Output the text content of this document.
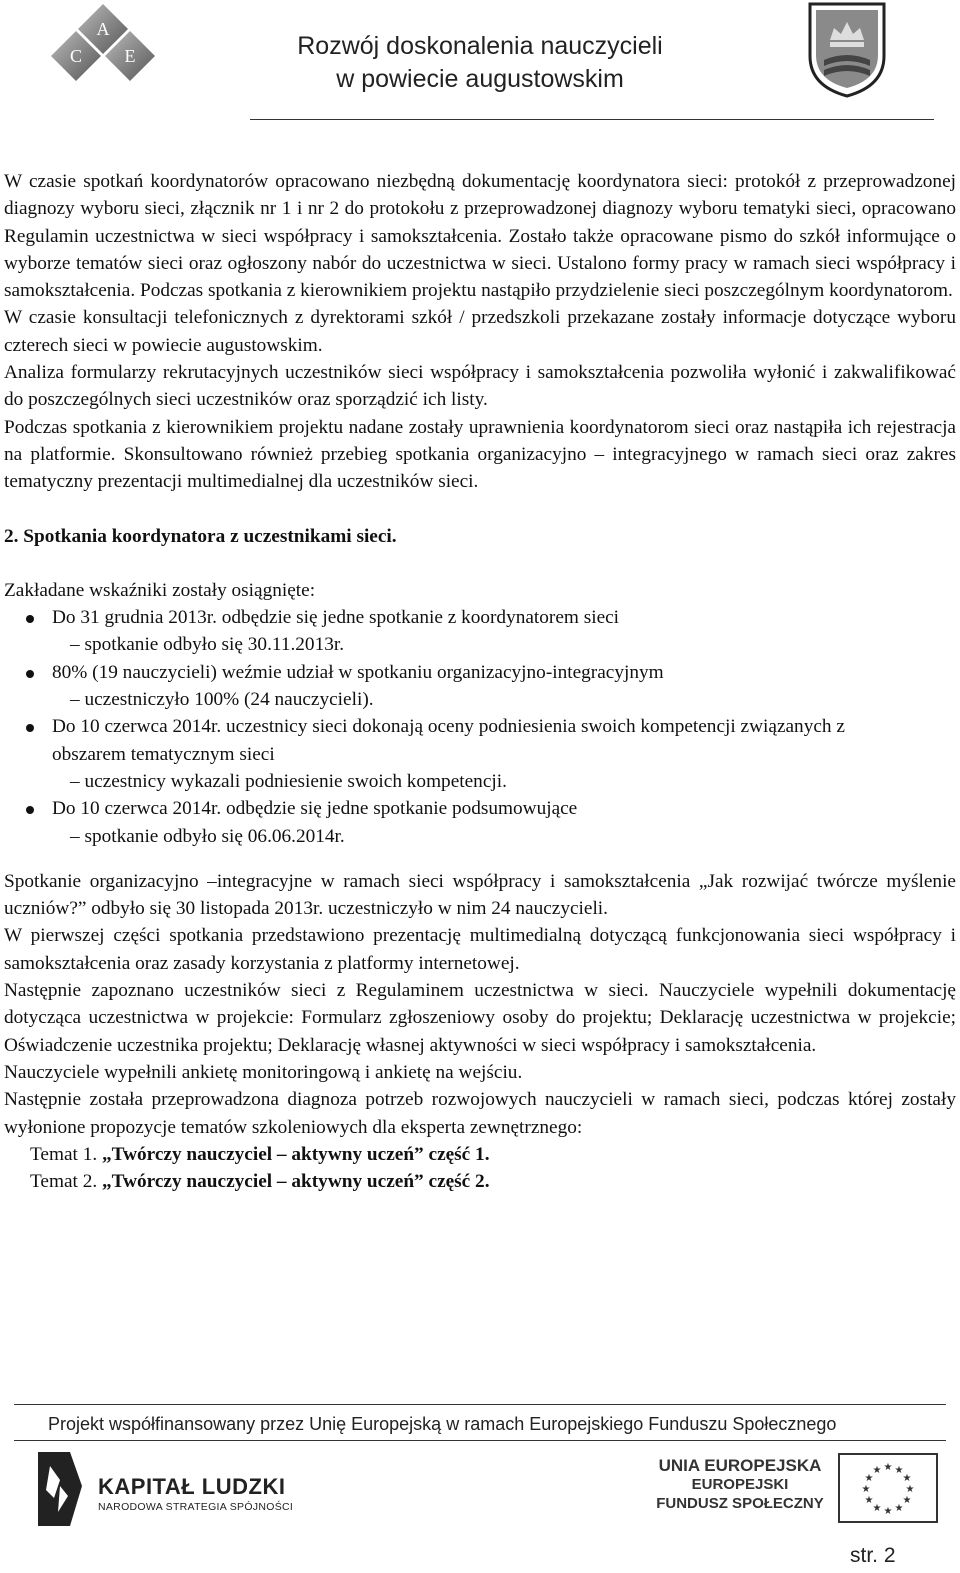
A
C E	Rozwój doskonalenia nauczycieli
w powiecie augustowskim

W czasie spotkań koordynatorów opracowano niezbędną dokumentację koordynatora sieci: protokół z przeprowadzonej diagnozy wyboru sieci, złącznik nr 1 i nr 2 do protokołu z przeprowadzonej diagnozy wyboru tematyki sieci, opracowano Regulamin uczestnictwa w sieci współpracy i samokształcenia. Zostało także opracowane pismo do szkół informujące o wyborze tematów sieci oraz ogłoszony nabór do uczestnictwa w sieci. Ustalono formy pracy w ramach sieci współpracy i samokształcenia. Podczas spotkania z kierownikiem projektu nastąpiło przydzielenie sieci poszczególnym koordynatorom.

W czasie konsultacji telefonicznych z dyrektorami szkół / przedszkoli przekazane zostały informacje dotyczące wyboru czterech sieci w powiecie augustowskim.

Analiza formularzy rekrutacyjnych uczestników sieci współpracy i samokształcenia pozwoliła wyłonić i zakwalifikować do poszczególnych sieci uczestników oraz sporządzić ich listy.

Podczas spotkania z kierownikiem projektu nadane zostały uprawnienia koordynatorom sieci oraz nastąpiła ich rejestracja na platformie. Skonsultowano również przebieg spotkania organizacyjno – integracyjnego w ramach sieci oraz zakres tematyczny prezentacji multimedialnej dla uczestników sieci.

2. Spotkania koordynatora z uczestnikami sieci.

Zakładane wskaźniki zostały osiągnięte:

Do 31 grudnia 2013r. odbędzie się jedne spotkanie z koordynatorem sieci
– spotkanie odbyło się 30.11.2013r.
80% (19 nauczycieli) weźmie udział w spotkaniu organizacyjno-integracyjnym
– uczestniczyło 100% (24 nauczycieli).
Do 10 czerwca 2014r. uczestnicy sieci dokonają oceny podniesienia swoich kompetencji związanych z obszarem tematycznym sieci
– uczestnicy wykazali podniesienie swoich kompetencji.
Do 10 czerwca 2014r. odbędzie się jedne spotkanie podsumowujące
– spotkanie odbyło się 06.06.2014r.

Spotkanie organizacyjno –integracyjne w ramach sieci współpracy i samokształcenia „Jak rozwijać twórcze myślenie uczniów?” odbyło się 30 listopada 2013r. uczestniczyło w nim 24 nauczycieli.

W pierwszej części spotkania przedstawiono prezentację multimedialną dotyczącą funkcjonowania sieci współpracy i samokształcenia oraz zasady korzystania z platformy internetowej.

Następnie zapoznano uczestników sieci z Regulaminem uczestnictwa w sieci. Nauczyciele wypełnili dokumentację dotycząca uczestnictwa w projekcie: Formularz zgłoszeniowy osoby do projektu; Deklarację uczestnictwa w projekcie; Oświadczenie uczestnika projektu; Deklarację własnej aktywności w sieci współpracy i samokształcenia.

Nauczyciele wypełnili ankietę monitoringową i ankietę na wejściu.

Następnie została przeprowadzona diagnoza potrzeb rozwojowych nauczycieli w ramach sieci, podczas której zostały wyłonione propozycje tematów szkoleniowych dla eksperta zewnętrznego:

Temat 1. „Twórczy nauczyciel – aktywny uczeń” część 1.
Temat 2. „Twórczy nauczyciel – aktywny uczeń” część 2.
Projekt współfinansowany przez Unię Europejską w ramach Europejskiego Funduszu Społecznego
KAPITAŁ LUDZKI
NARODOWA STRATEGIA SPÓJNOŚCI
UNIA EUROPEJSKA
EUROPEJSKI
FUNDUSZ SPOŁECZNY
★ ★
★
★
★
★
★
★
★
★
★
★
str. 2
